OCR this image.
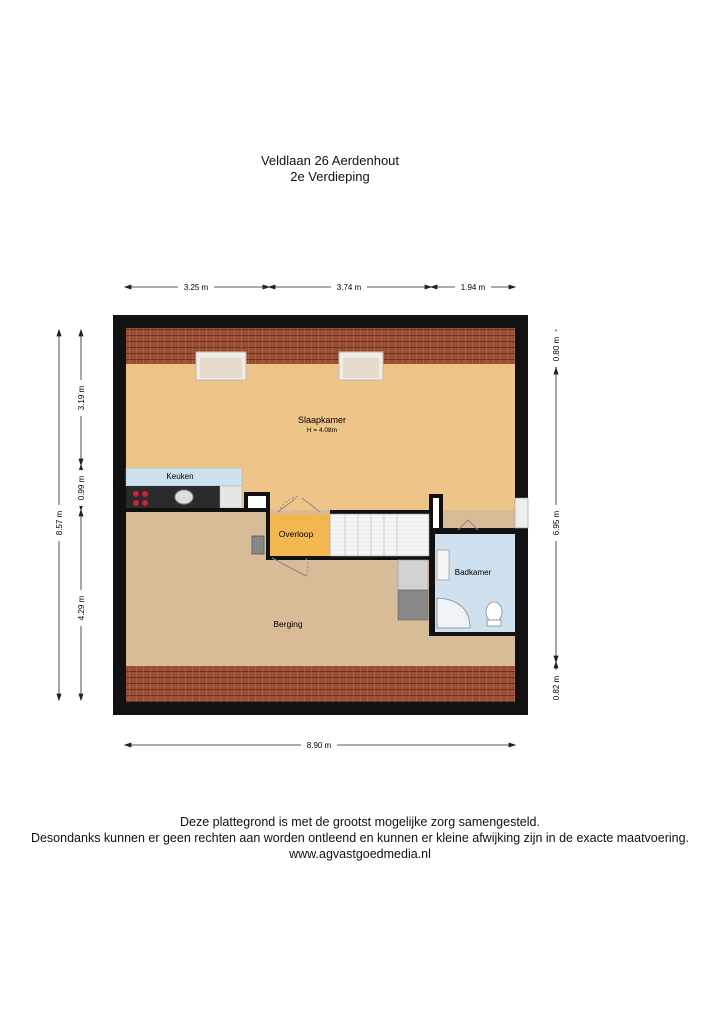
Veldlaan 26 Aerdenhout
2e Verdieping
3.25 m	3.74 m	1.94 m
8.90 m
8.57 m
3.19 m
0.99 m
4.29 m
0.80 m
6.95 m
0.82 m
Slaapkamer
H = 4.08m
Keuken
Overloop
Badkamer
Berging
Deze plattegrond is met de grootst mogelijke zorg samengesteld.
Desondanks kunnen er geen rechten aan worden ontleend en kunnen er kleine afwijking zijn in de exacte maatvoering.
www.agvastgoedmedia.nl
